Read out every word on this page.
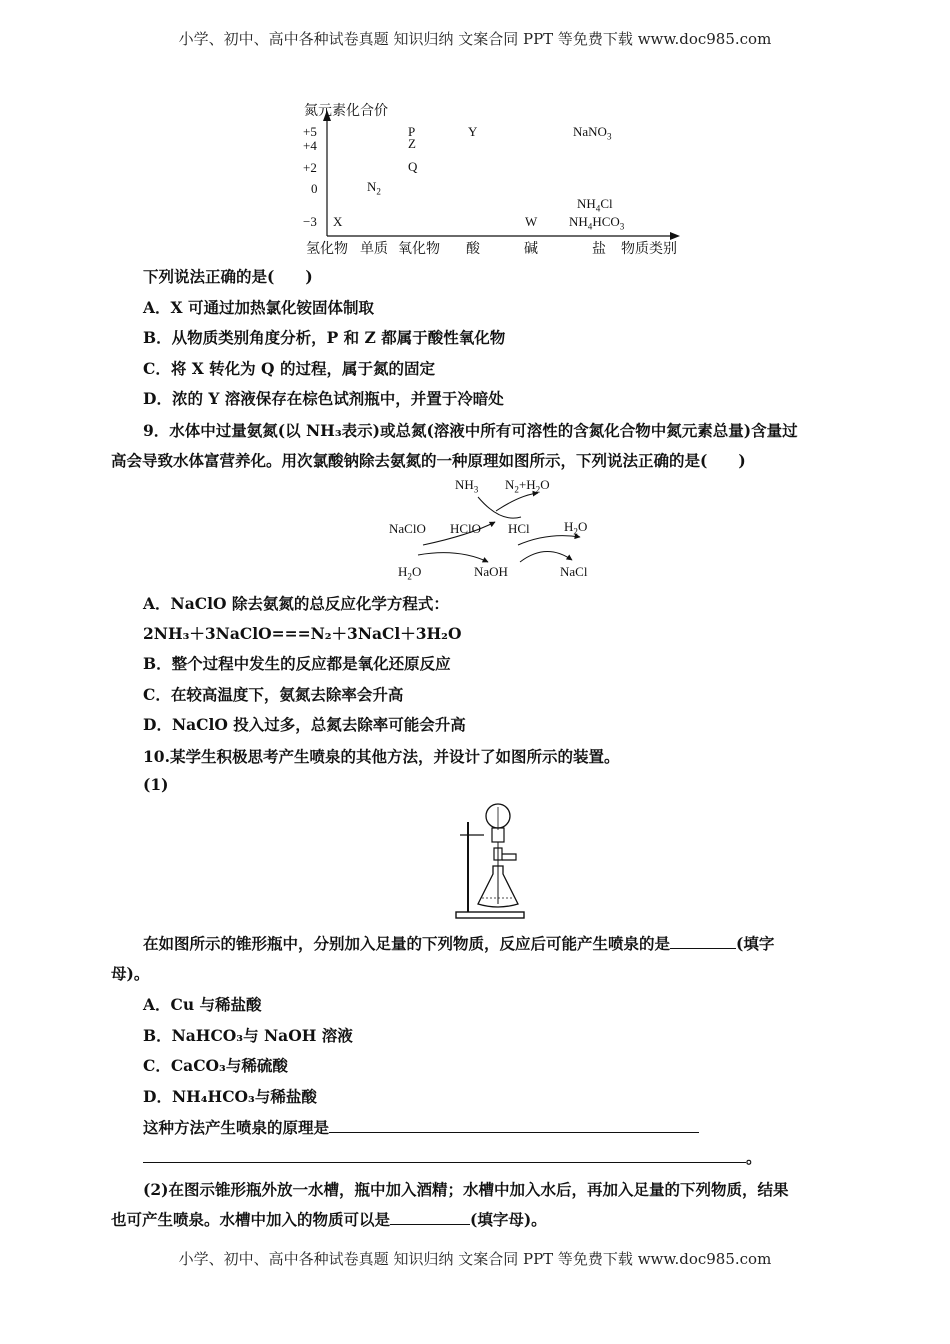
小学、初中、高中各种试卷真题 知识归纳 文案合同 PPT 等免费下载 www.doc985.com
小学、初中、高中各种试卷真题 知识归纳 文案合同 PPT 等免费下载 www.doc985.com
氮元素化合价
+5
+4
+2
0
−3
氢化物 单质 氧化物 酸	碱	盐 物质类别
P	Y	NaNO$_3$
Z
Q
$N_2$
X	W
$NH_4Cl$
$NH_4HCO_3$
下列说法正确的是(　　)
A．X 可通过加热氯化铵固体制取
B．从物质类别角度分析，P 和 Z 都属于酸性氧化物
C．将 X 转化为 Q 的过程，属于氮的固定
D．浓的 Y 溶液保存在棕色试剂瓶中，并置于冷暗处
9．水体中过量氨氮(以 NH₃表示)或总氮(溶液中所有可溶性的含氮化合物中氮元素总量)含量过
高会导致水体富营养化。用次氯酸钠除去氨氮的一种原理如图所示，下列说法正确的是(　　)
$NH_3$ $N_2+H_2O$
NaClO HClO HCl	$H_2O$
$H_2O$	NaOH	NaCl
A．NaClO 除去氨氮的总反应化学方程式：
2NH₃＋3NaClO===N₂＋3NaCl＋3H₂O
B．整个过程中发生的反应都是氧化还原反应
C．在较高温度下，氨氮去除率会升高
D．NaClO 投入过多，总氮去除率可能会升高
10.某学生积极思考产生喷泉的其他方法，并设计了如图所示的装置。
(1)
在如图所示的锥形瓶中，分别加入足量的下列物质，反应后可能产生喷泉的是	(填字
母)。
A．Cu 与稀盐酸
B．NaHCO₃与 NaOH 溶液
C．CaCO₃与稀硫酸
D．NH₄HCO₃与稀盐酸
这种方法产生喷泉的原理是
。
(2)在图示锥形瓶外放一水槽，瓶中加入酒精；水槽中加入水后，再加入足量的下列物质，结果
也可产生喷泉。水槽中加入的物质可以是	(填字母)。
